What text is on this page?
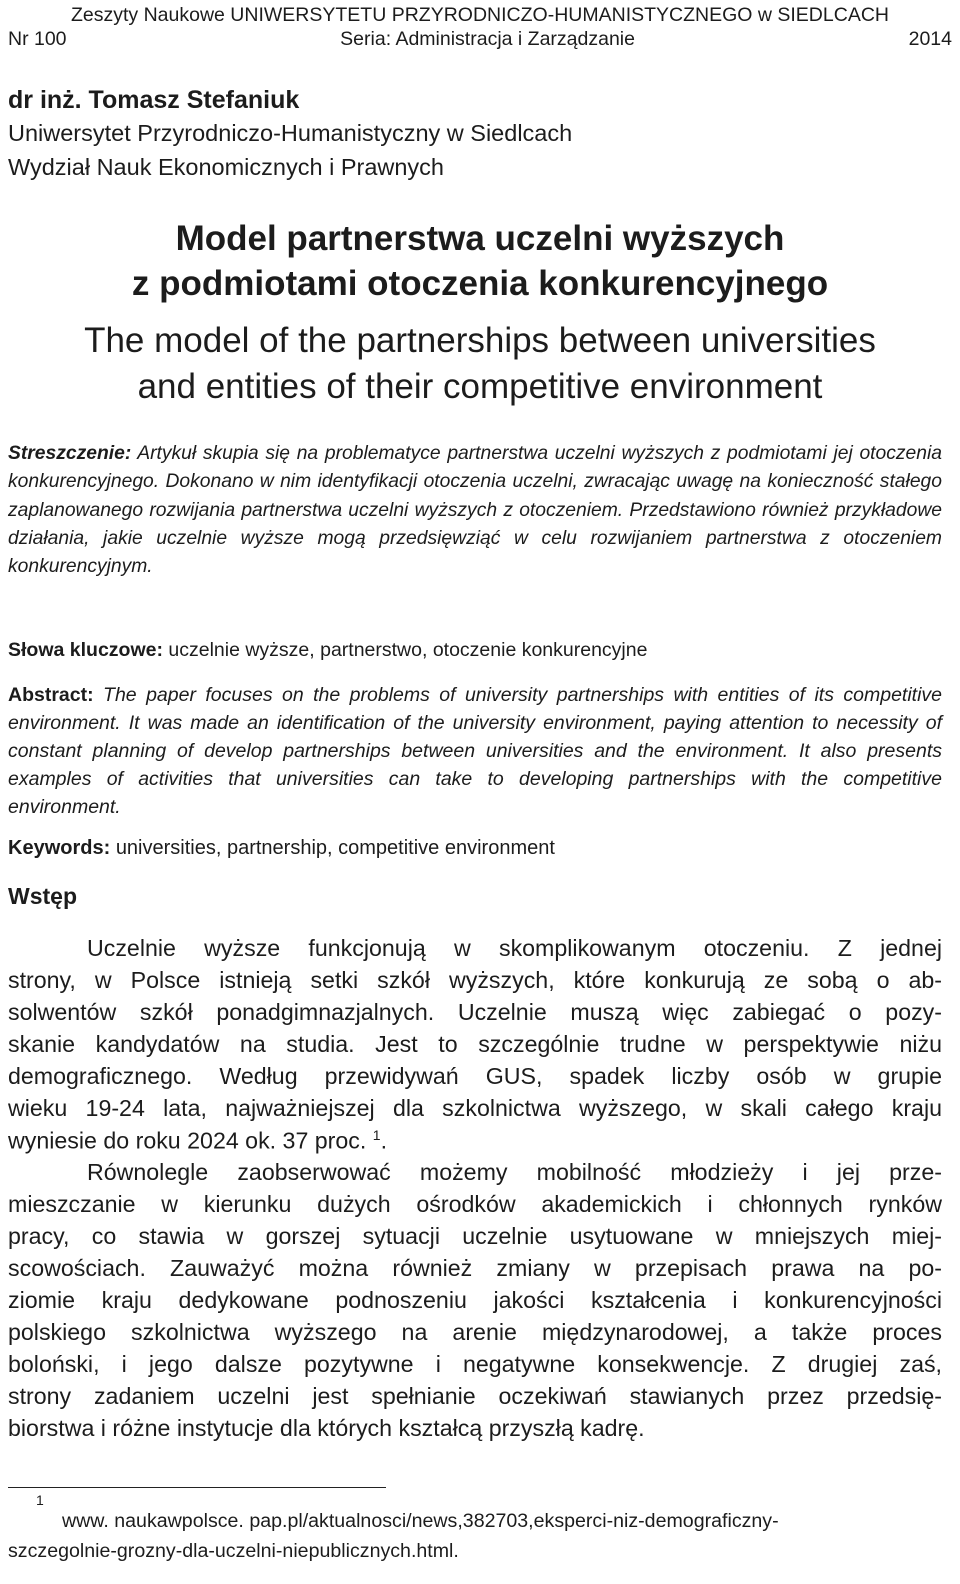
Zeszyty Naukowe UNIWERSYTETU PRZYRODNICZO-HUMANISTYCZNEGO w SIEDLCACH
Nr 100	Seria: Administracja i Zarządzanie	2014
dr inż. Tomasz Stefaniuk
Uniwersytet Przyrodniczo-Humanistyczny w Siedlcach
Wydział Nauk Ekonomicznych i Prawnych
Model partnerstwa uczelni wyższych
z podmiotami otoczenia konkurencyjnego
The model of the partnerships between universities
and entities of their competitive environment
Streszczenie: Artykuł skupia się na problematyce partnerstwa uczelni wyższych z podmiotami jej otoczenia konkurencyjnego. Dokonano w nim identyfikacji otoczenia uczelni, zwracając uwagę na konieczność stałego zaplanowanego rozwijania partnerstwa uczelni wyższych z otoczeniem. Przedstawiono również przykładowe działania, jakie uczelnie wyższe mogą przedsięwziąć w celu rozwijaniem partnerstwa z otoczeniem konkurencyjnym.
Słowa kluczowe: uczelnie wyższe, partnerstwo, otoczenie konkurencyjne
Abstract: The paper focuses on the problems of university partnerships with entities of its competitive environment. It was made an identification of the university environment, paying attention to necessity of constant planning of develop partnerships between universities and the environment. It also presents examples of activities that universities can take to developing partnerships with the competitive environment.
Keywords: universities, partnership, competitive environment
Wstęp
Uczelnie wyższe funkcjonują w skomplikowanym otoczeniu. Z jednej
strony, w Polsce istnieją setki szkół wyższych, które konkurują ze sobą o ab-
solwentów szkół ponadgimnazjalnych. Uczelnie muszą więc zabiegać o pozy-
skanie kandydatów na studia. Jest to szczególnie trudne w perspektywie niżu
demograficznego. Według przewidywań GUS, spadek liczby osób w grupie
wieku 19-24 lata, najważniejszej dla szkolnictwa wyższego, w skali całego kraju
wyniesie do roku 2024 ok. 37 proc. $^1$.
Równolegle zaobserwować możemy mobilność młodzieży i jej prze-
mieszczanie w kierunku dużych ośrodków akademickich i chłonnych rynków
pracy, co stawia w gorszej sytuacji uczelnie usytuowane w mniejszych miej-
scowościach. Zauważyć można również zmiany w przepisach prawa na po-
ziomie kraju dedykowane podnoszeniu jakości kształcenia i konkurencyjności
polskiego szkolnictwa wyższego na arenie międzynarodowej, a także proces
boloński, i jego dalsze pozytywne i negatywne konsekwencje. Z drugiej zaś,
strony zadaniem uczelni jest spełnianie oczekiwań stawianych przez przedsię-
biorstwa i różne instytucje dla których kształcą przyszłą kadrę.
1
www. naukawpolsce. pap.pl/aktualnosci/news,382703,eksperci-niz-demograficzny-
szczegolnie-grozny-dla-uczelni-niepublicznych.html.
